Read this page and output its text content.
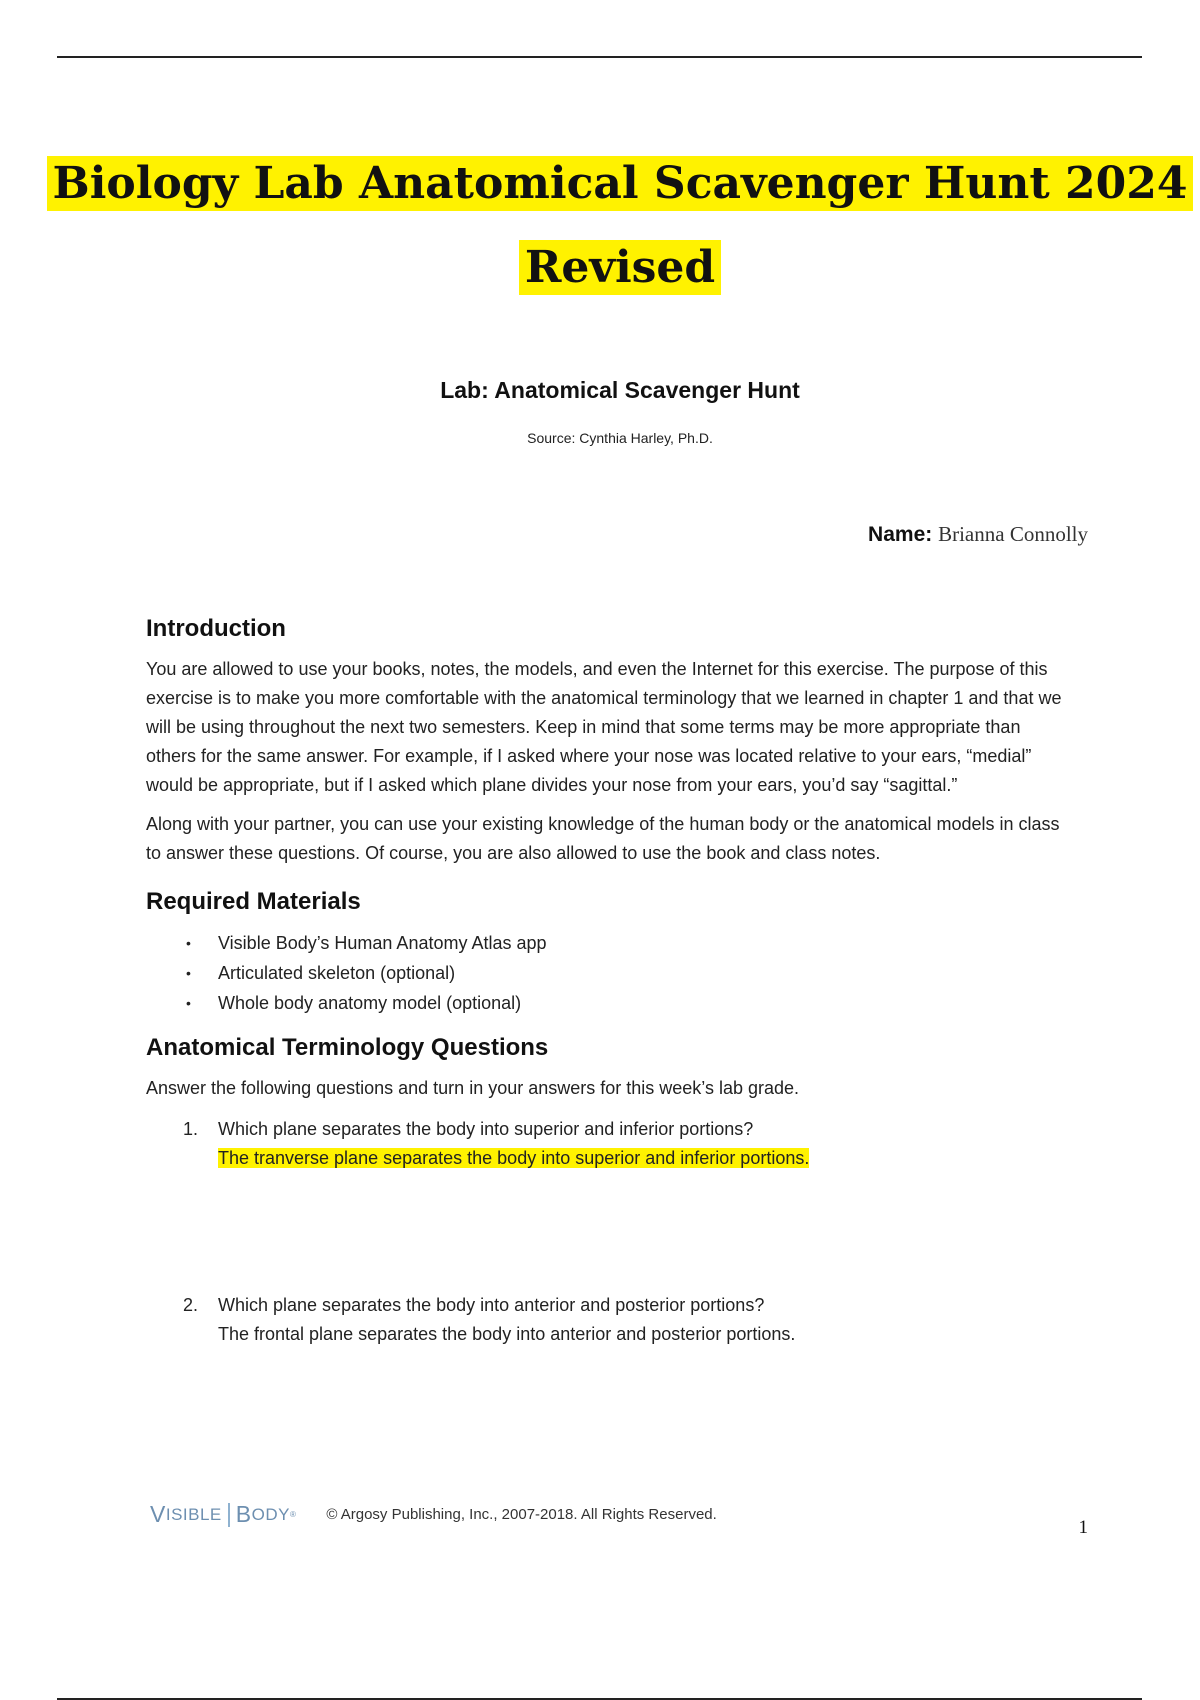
Biology Lab Anatomical Scavenger Hunt 2024
Revised
Lab: Anatomical Scavenger Hunt
Source: Cynthia Harley, Ph.D.
Name: Brianna Connolly
Introduction

You are allowed to use your books, notes, the models, and even the Internet for this exercise. The purpose of this exercise is to make you more comfortable with the anatomical terminology that we learned in chapter 1 and that we will be using throughout the next two semesters. Keep in mind that some terms may be more appropriate than others for the same answer. For example, if I asked where your nose was located relative to your ears, “medial” would be appropriate, but if I asked which plane divides your nose from your ears, you’d say “sagittal.”

Along with your partner, you can use your existing knowledge of the human body or the anatomical models in class to answer these questions. Of course, you are also allowed to use the book and class notes.

Required Materials
• Visible Body’s Human Anatomy Atlas app
• Articulated skeleton (optional)
• Whole body anatomy model (optional)
Anatomical Terminology Questions

Answer the following questions and turn in your answers for this week’s lab grade.

1. Which plane separates the body into superior and inferior portions?
The tranverse plane separates the body into superior and inferior portions.
2. Which plane separates the body into anterior and posterior portions?
The frontal plane separates the body into anterior and posterior portions.
V ISIBLE B ODY ® © Argosy Publishing, Inc., 2007-2018. All Rights Reserved.
1
